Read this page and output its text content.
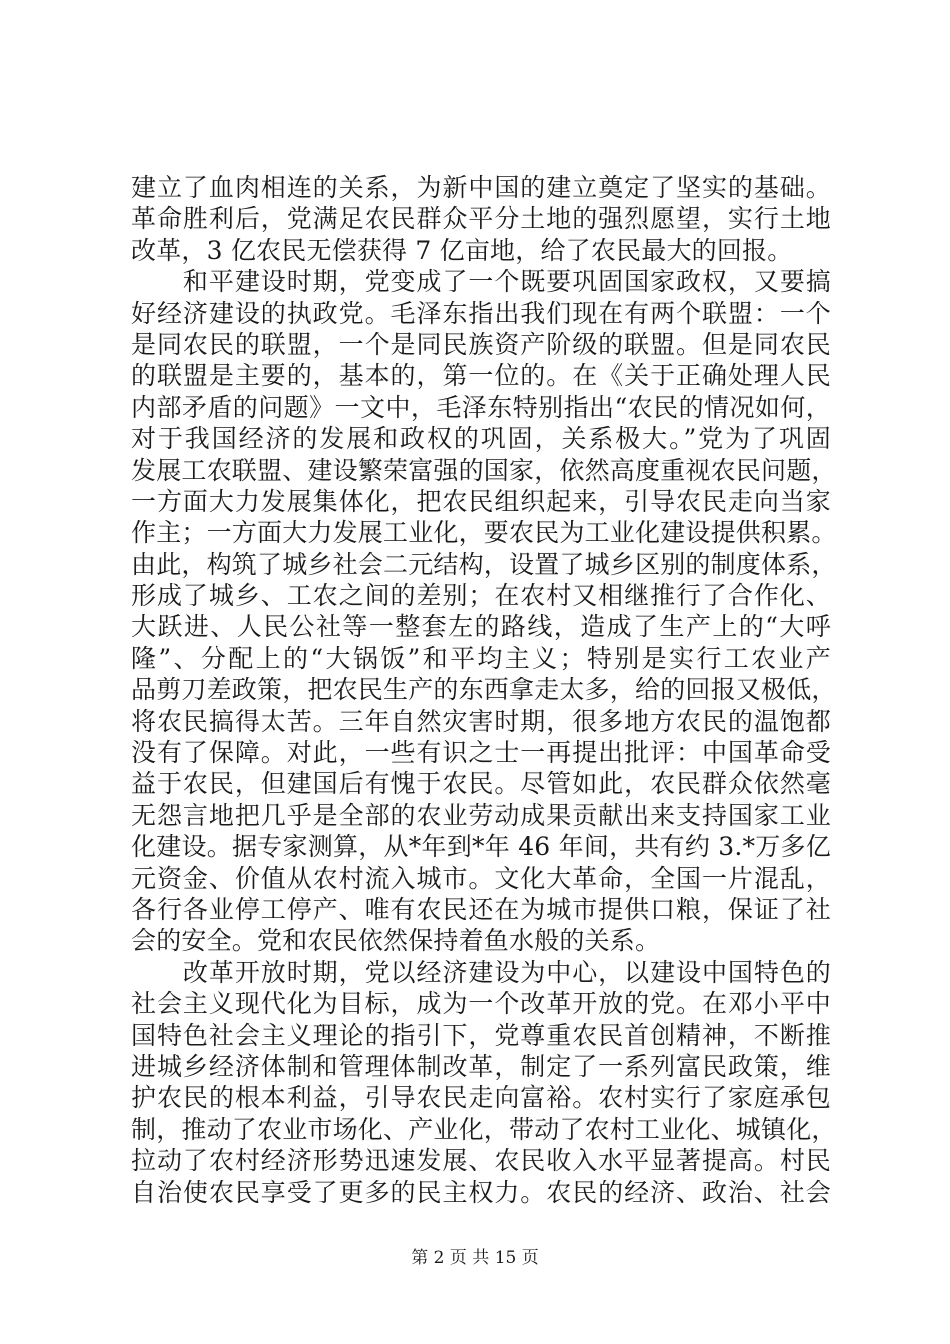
建立了血肉相连的关系，为新中国的建立奠定了坚实的基础。
革命胜利后，党满足农民群众平分土地的强烈愿望，实行土地
改革，3 亿农民无偿获得 7 亿亩地，给了农民最大的回报。
　　和平建设时期，党变成了一个既要巩固国家政权，又要搞
好经济建设的执政党。毛泽东指出我们现在有两个联盟：一个
是同农民的联盟，一个是同民族资产阶级的联盟。但是同农民
的联盟是主要的，基本的，第一位的。在《关于正确处理人民
内部矛盾的问题》一文中，毛泽东特别指出“农民的情况如何，
对于我国经济的发展和政权的巩固，关系极大。”党为了巩固
发展工农联盟、建设繁荣富强的国家，依然高度重视农民问题，
一方面大力发展集体化，把农民组织起来，引导农民走向当家
作主；一方面大力发展工业化，要农民为工业化建设提供积累。
由此，构筑了城乡社会二元结构，设置了城乡区别的制度体系，
形成了城乡、工农之间的差别；在农村又相继推行了合作化、
大跃进、人民公社等一整套左的路线，造成了生产上的“大呼
隆”、分配上的“大锅饭”和平均主义；特别是实行工农业产
品剪刀差政策，把农民生产的东西拿走太多，给的回报又极低，
将农民搞得太苦。三年自然灾害时期，很多地方农民的温饱都
没有了保障。对此，一些有识之士一再提出批评：中国革命受
益于农民，但建国后有愧于农民。尽管如此，农民群众依然毫
无怨言地把几乎是全部的农业劳动成果贡献出来支持国家工业
化建设。据专家测算，从*年到*年 46 年间，共有约 3.*万多亿
元资金、价值从农村流入城市。文化大革命，全国一片混乱，
各行各业停工停产、唯有农民还在为城市提供口粮，保证了社
会的安全。党和农民依然保持着鱼水般的关系。
　　改革开放时期，党以经济建设为中心，以建设中国特色的
社会主义现代化为目标，成为一个改革开放的党。在邓小平中
国特色社会主义理论的指引下，党尊重农民首创精神，不断推
进城乡经济体制和管理体制改革，制定了一系列富民政策，维
护农民的根本利益，引导农民走向富裕。农村实行了家庭承包
制，推动了农业市场化、产业化，带动了农村工业化、城镇化，
拉动了农村经济形势迅速发展、农民收入水平显著提高。村民
自治使农民享受了更多的民主权力。农民的经济、政治、社会
第 2 页 共 15 页
